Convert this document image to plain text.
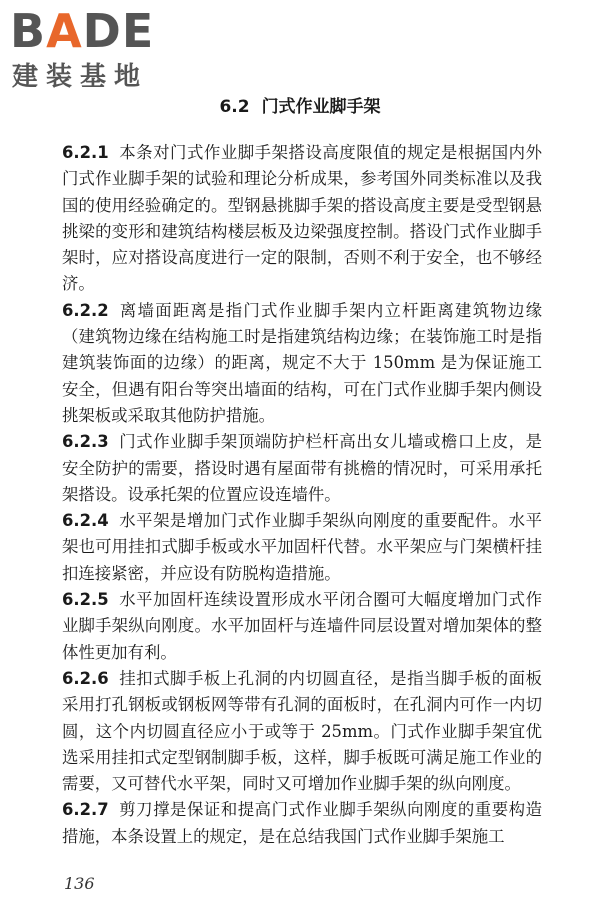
BADE
建装基地
6.2 门式作业脚手架

6.2.1 本条对门式作业脚手架搭设高度限值的规定是根据国内外门式作业脚手架的试验和理论分析成果，参考国外同类标准以及我国的使用经验确定的。型钢悬挑脚手架的搭设高度主要是受型钢悬挑梁的变形和建筑结构楼层板及边梁强度控制。搭设门式作业脚手架时，应对搭设高度进行一定的限制，否则不利于安全，也不够经济。

6.2.2 离墙面距离是指门式作业脚手架内立杆距离建筑物边缘（建筑物边缘在结构施工时是指建筑结构边缘；在装饰施工时是指建筑装饰面的边缘）的距离，规定不大于 150mm 是为保证施工安全，但遇有阳台等突出墙面的结构，可在门式作业脚手架内侧设挑架板或采取其他防护措施。

6.2.3 门式作业脚手架顶端防护栏杆高出女儿墙或檐口上皮，是安全防护的需要，搭设时遇有屋面带有挑檐的情况时，可采用承托架搭设。设承托架的位置应设连墙件。

6.2.4 水平架是增加门式作业脚手架纵向刚度的重要配件。水平架也可用挂扣式脚手板或水平加固杆代替。水平架应与门架横杆挂扣连接紧密，并应设有防脱构造措施。

6.2.5 水平加固杆连续设置形成水平闭合圈可大幅度增加门式作业脚手架纵向刚度。水平加固杆与连墙件同层设置对增加架体的整体性更加有利。

6.2.6 挂扣式脚手板上孔洞的内切圆直径，是指当脚手板的面板采用打孔钢板或钢板网等带有孔洞的面板时，在孔洞内可作一内切圆，这个内切圆直径应小于或等于 25mm。门式作业脚手架宜优选采用挂扣式定型钢制脚手板，这样，脚手板既可满足施工作业的需要，又可替代水平架，同时又可增加作业脚手架的纵向刚度。

6.2.7 剪刀撑是保证和提高门式作业脚手架纵向刚度的重要构造措施，本条设置上的规定，是在总结我国门式作业脚手架施工

136
